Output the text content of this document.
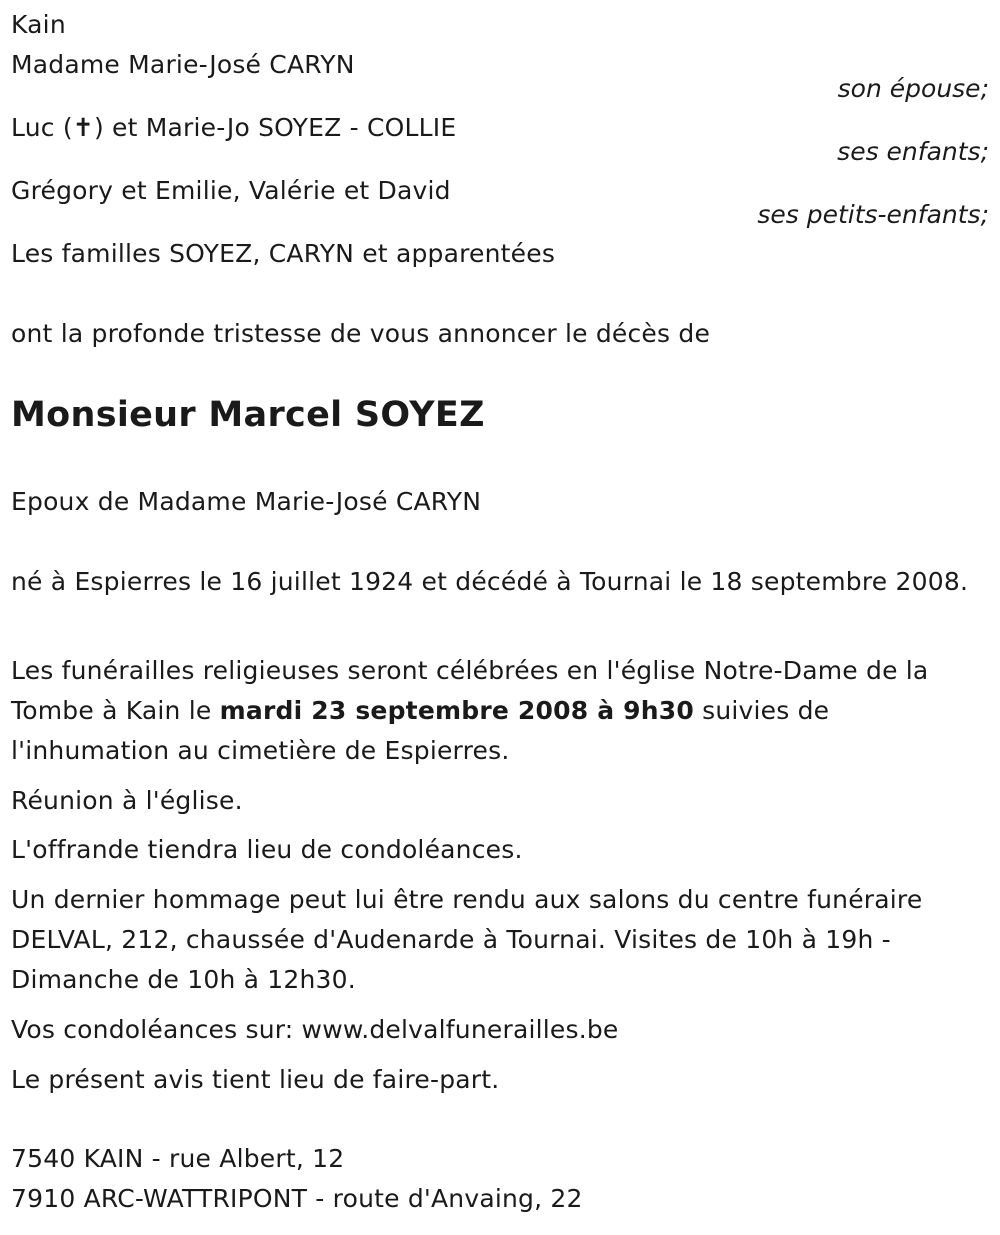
Kain
Madame Marie-José CARYN
son épouse;
Luc (✝) et Marie-Jo SOYEZ - COLLIE
ses enfants;
Grégory et Emilie, Valérie et David
ses petits-enfants;
Les familles SOYEZ, CARYN et apparentées
ont la profonde tristesse de vous annoncer le décès de
Monsieur Marcel SOYEZ
Epoux de Madame Marie-José CARYN
né à Espierres le 16 juillet 1924 et décédé à Tournai le 18 septembre 2008.
Les funérailles religieuses seront célébrées en l'église Notre-Dame de la Tombe à Kain le mardi 23 septembre 2008 à 9h30 suivies de l'inhumation au cimetière de Espierres.
Réunion à l'église.
L'offrande tiendra lieu de condoléances.
Un dernier hommage peut lui être rendu aux salons du centre funéraire DELVAL, 212, chaussée d'Audenarde à Tournai. Visites de 10h à 19h - Dimanche de 10h à 12h30.
Vos condoléances sur: www.delvalfunerailles.be
Le présent avis tient lieu de faire-part.
7540 KAIN - rue Albert, 12
7910 ARC-WATTRIPONT - route d'Anvaing, 22
